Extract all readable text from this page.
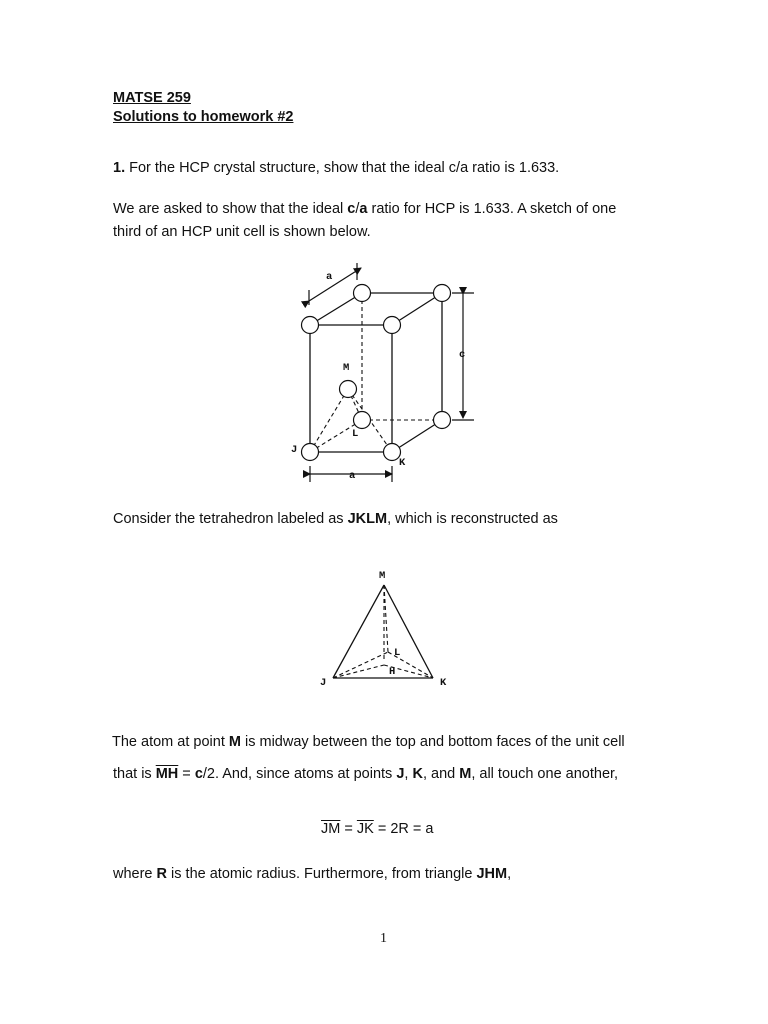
MATSE 259
Solutions to homework #2
1. For the HCP crystal structure, show that the ideal c/a ratio is 1.633.
We are asked to show that the ideal c/a ratio for HCP is 1.633. A sketch of one
third of an HCP unit cell is shown below.
a
c
M
L
J
K
a
M
L
H
J	K
Consider the tetrahedron labeled as JKLM, which is reconstructed as
The atom at point M is midway between the top and bottom faces of the unit cell
that is $\overline{MH} = c/2$. And, since atoms at points J, K, and M, all touch one another,
$\overline{JM} = \overline{JK} = 2R = a$
where R is the atomic radius. Furthermore, from triangle JHM,
1
